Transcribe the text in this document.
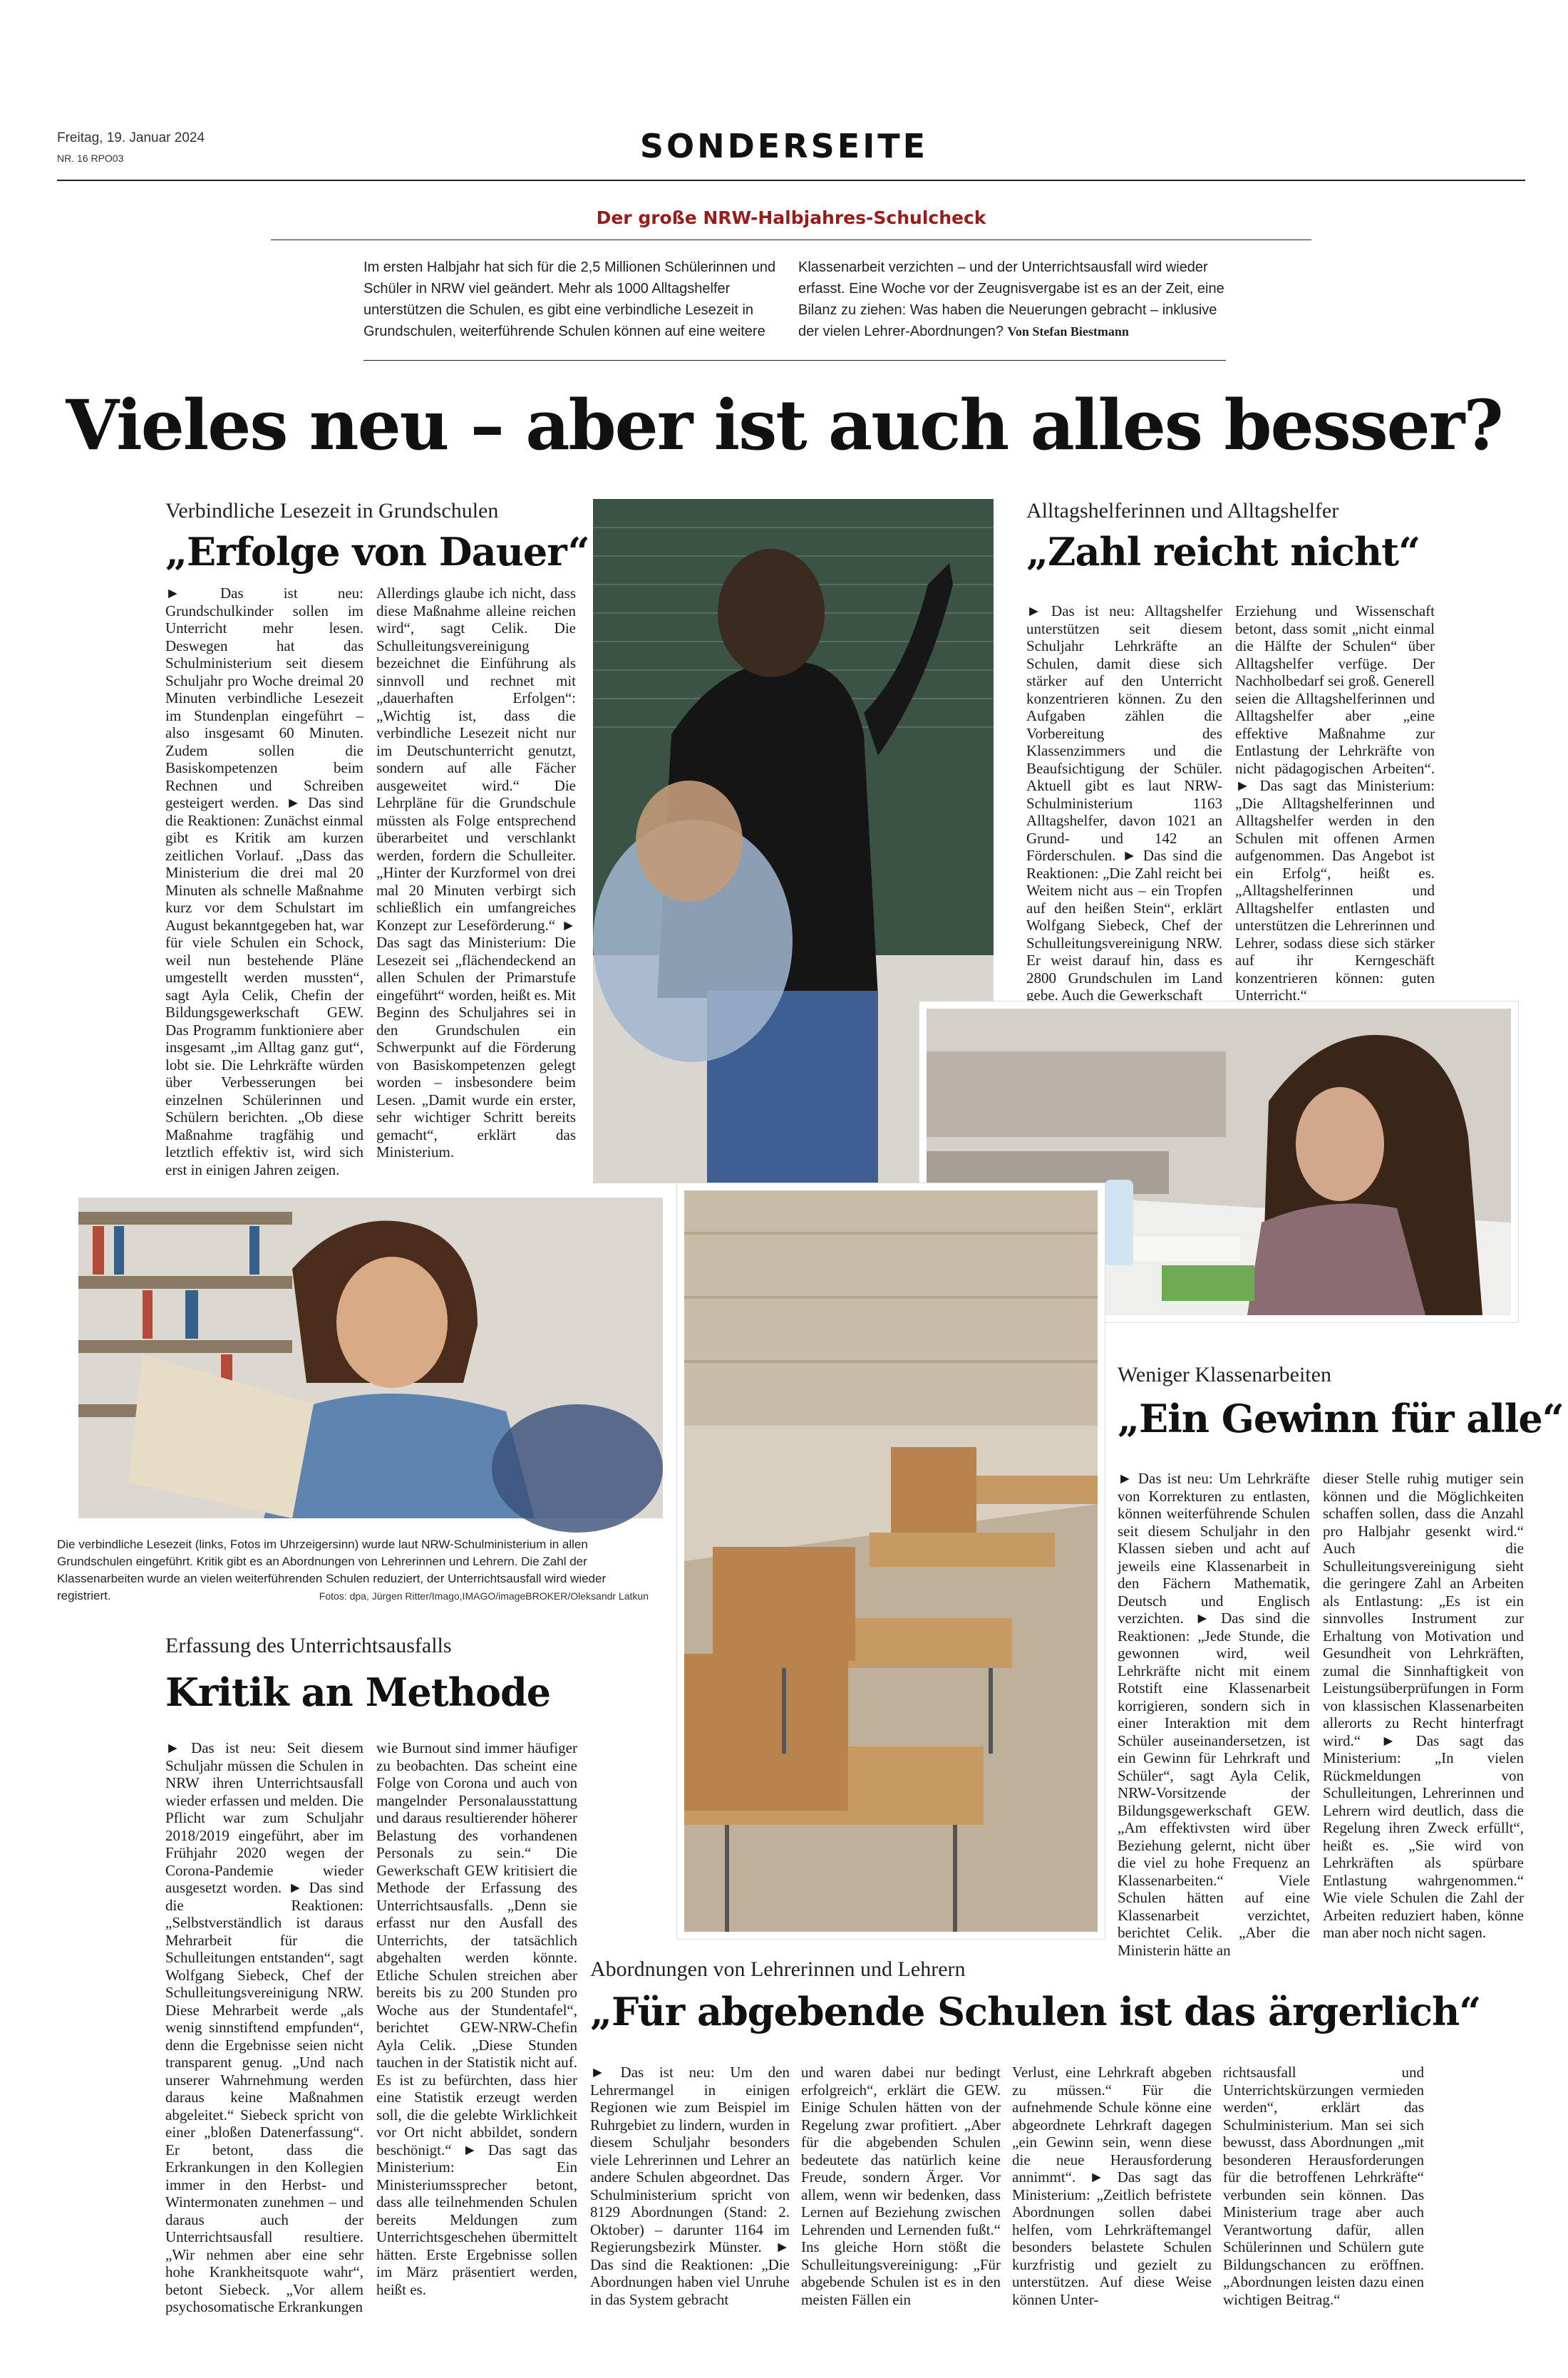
Freitag, 19. Januar 2024
NR. 16 RPO03	SONDERSEITE
Der große NRW-Halbjahres-Schulcheck
Im ersten Halbjahr hat sich für die 2,5 Millionen Schülerinnen und Schüler in NRW viel geändert. Mehr als 1000 Alltagshelfer unterstützen die Schulen, es gibt eine verbindliche Lesezeit in Grundschulen, weiterführende Schulen können auf eine weitere
Klassenarbeit verzichten – und der Unterrichtsausfall wird wieder erfasst. Eine Woche vor der Zeugnisvergabe ist es an der Zeit, eine Bilanz zu ziehen: Was haben die Neuerungen gebracht – inklusive der vielen Lehrer-Abordnungen? Von Stefan Biestmann
Vieles neu – aber ist auch alles besser?
Verbindliche Lesezeit in Grundschulen
„Erfolge von Dauer“
► Das ist neu: Grundschulkinder sollen im Unterricht mehr lesen. Deswegen hat das Schulministerium seit diesem Schuljahr pro Woche dreimal 20 Minuten verbindliche Lesezeit im Stundenplan eingeführt – also insgesamt 60 Minuten. Zudem sollen die Basiskompetenzen beim Rechnen und Schreiben gesteigert werden. ► Das sind die Reaktionen: Zunächst einmal gibt es Kritik am kurzen zeitlichen Vorlauf. „Dass das Ministerium die drei mal 20 Minuten als schnelle Maßnahme kurz vor dem Schulstart im August bekanntgegeben hat, war für viele Schulen ein Schock, weil nun bestehende Pläne umgestellt werden mussten“, sagt Ayla Celik, Chefin der Bildungsgewerkschaft GEW. Das Programm funktioniere aber insgesamt „im Alltag ganz gut“, lobt sie. Die Lehrkräfte würden über Verbesserungen bei einzelnen Schülerinnen und Schülern berichten. „Ob diese Maßnahme tragfähig und letztlich effektiv ist, wird sich erst in einigen Jahren zeigen.
Allerdings glaube ich nicht, dass diese Maßnahme alleine reichen wird“, sagt Celik. Die Schulleitungsvereinigung bezeichnet die Einführung als sinnvoll und rechnet mit „dauerhaften Erfolgen“: „Wichtig ist, dass die verbindliche Lesezeit nicht nur im Deutschunterricht genutzt, sondern auf alle Fächer ausgeweitet wird.“ Die Lehrpläne für die Grundschule müssten als Folge entsprechend überarbeitet und verschlankt werden, fordern die Schulleiter. „Hinter der Kurzformel von drei mal 20 Minuten verbirgt sich schließlich ein umfangreiches Konzept zur Leseförderung.“ ► Das sagt das Ministerium: Die Lesezeit sei „flächendeckend an allen Schulen der Primarstufe eingeführt“ worden, heißt es. Mit Beginn des Schuljahres sei in den Grundschulen ein Schwerpunkt auf die Förderung von Basiskompetenzen gelegt worden – insbesondere beim Lesen. „Damit wurde ein erster, sehr wichtiger Schritt bereits gemacht“, erklärt das Ministerium.
Alltagshelferinnen und Alltagshelfer
„Zahl reicht nicht“
► Das ist neu: Alltagshelfer unterstützen seit diesem Schuljahr Lehrkräfte an Schulen, damit diese sich stärker auf den Unterricht konzentrieren können. Zu den Aufgaben zählen die Vorbereitung des Klassenzimmers und die Beaufsichtigung der Schüler. Aktuell gibt es laut NRW-Schulministerium 1163 Alltagshelfer, davon 1021 an Grund- und 142 an Förderschulen. ► Das sind die Reaktionen: „Die Zahl reicht bei Weitem nicht aus – ein Tropfen auf den heißen Stein“, erklärt Wolfgang Siebeck, Chef der Schulleitungsvereinigung NRW. Er weist darauf hin, dass es 2800 Grundschulen im Land gebe. Auch die Gewerkschaft
Erziehung und Wissenschaft betont, dass somit „nicht einmal die Hälfte der Schulen“ über Alltagshelfer verfüge. Der Nachholbedarf sei groß. Generell seien die Alltagshelferinnen und Alltagshelfer aber „eine effektive Maßnahme zur Entlastung der Lehrkräfte von nicht pädagogischen Arbeiten“. ► Das sagt das Ministerium: „Die Alltagshelferinnen und Alltagshelfer werden in den Schulen mit offenen Armen aufgenommen. Das Angebot ist ein Erfolg“, heißt es. „Alltagshelferinnen und Alltagshelfer entlasten und unterstützen die Lehrerinnen und Lehrer, sodass diese sich stärker auf ihr Kerngeschäft konzentrieren können: guten Unterricht.“
Die verbindliche Lesezeit (links, Fotos im Uhrzeigersinn) wurde laut NRW-Schulministerium in allen Grundschulen eingeführt. Kritik gibt es an Abordnungen von Lehrerinnen und Lehrern. Die Zahl der Klassenarbeiten wurde an vielen weiterführenden Schulen reduziert, der Unterrichtsausfall wird wieder registriert.	Fotos: dpa, Jürgen Ritter/Imago,IMAGO/imageBROKER/Oleksandr Latkun
Weniger Klassenarbeiten
„Ein Gewinn für alle“
► Das ist neu: Um Lehrkräfte von Korrekturen zu entlasten, können weiterführende Schulen seit diesem Schuljahr in den Klassen sieben und acht auf jeweils eine Klassenarbeit in den Fächern Mathematik, Deutsch und Englisch verzichten. ► Das sind die Reaktionen: „Jede Stunde, die gewonnen wird, weil Lehrkräfte nicht mit einem Rotstift eine Klassenarbeit korrigieren, sondern sich in einer Interaktion mit dem Schüler auseinandersetzen, ist ein Gewinn für Lehrkraft und Schüler“, sagt Ayla Celik, NRW-Vorsitzende der Bildungsgewerkschaft GEW. „Am effektivsten wird über Beziehung gelernt, nicht über die viel zu hohe Frequenz an Klassenarbeiten.“ Viele Schulen hätten auf eine Klassenarbeit verzichtet, berichtet Celik. „Aber die Ministerin hätte an
dieser Stelle ruhig mutiger sein können und die Möglichkeiten schaffen sollen, dass die Anzahl pro Halbjahr gesenkt wird.“ Auch die Schulleitungsvereinigung sieht die geringere Zahl an Arbeiten als Entlastung: „Es ist ein sinnvolles Instrument zur Erhaltung von Motivation und Gesundheit von Lehrkräften, zumal die Sinnhaftigkeit von Leistungsüberprüfungen in Form von klassischen Klassenarbeiten allerorts zu Recht hinterfragt wird.“ ► Das sagt das Ministerium: „In vielen Rückmeldungen von Schulleitungen, Lehrerinnen und Lehrern wird deutlich, dass die Regelung ihren Zweck erfüllt“, heißt es. „Sie wird von Lehrkräften als spürbare Entlastung wahrgenommen.“ Wie viele Schulen die Zahl der Arbeiten reduziert haben, könne man aber noch nicht sagen.
Erfassung des Unterrichtsausfalls
Kritik an Methode
► Das ist neu: Seit diesem Schuljahr müssen die Schulen in NRW ihren Unterrichtsausfall wieder erfassen und melden. Die Pflicht war zum Schuljahr 2018/2019 eingeführt, aber im Frühjahr 2020 wegen der Corona-Pandemie wieder ausgesetzt worden. ► Das sind die Reaktionen: „Selbstverständlich ist daraus Mehrarbeit für die Schulleitungen entstanden“, sagt Wolfgang Siebeck, Chef der Schulleitungsvereinigung NRW. Diese Mehrarbeit werde „als wenig sinnstiftend empfunden“, denn die Ergebnisse seien nicht transparent genug. „Und nach unserer Wahrnehmung werden daraus keine Maßnahmen abgeleitet.“ Siebeck spricht von einer „bloßen Datenerfassung“. Er betont, dass die Erkrankungen in den Kollegien immer in den Herbst- und Wintermonaten zunehmen – und daraus auch der Unterrichtsausfall resultiere. „Wir nehmen aber eine sehr hohe Krankheitsquote wahr“, betont Siebeck. „Vor allem psychosomatische Erkrankungen
wie Burnout sind immer häufiger zu beobachten. Das scheint eine Folge von Corona und auch von mangelnder Personalausstattung und daraus resultierender höherer Belastung des vorhandenen Personals zu sein.“ Die Gewerkschaft GEW kritisiert die Methode der Erfassung des Unterrichtsausfalls. „Denn sie erfasst nur den Ausfall des Unterrichts, der tatsächlich abgehalten werden könnte. Etliche Schulen streichen aber bereits bis zu 200 Stunden pro Woche aus der Stundentafel“, berichtet GEW-NRW-Chefin Ayla Celik. „Diese Stunden tauchen in der Statistik nicht auf. Es ist zu befürchten, dass hier eine Statistik erzeugt werden soll, die die gelebte Wirklichkeit vor Ort nicht abbildet, sondern beschönigt.“ ► Das sagt das Ministerium: Ein Ministeriumssprecher betont, dass alle teilnehmenden Schulen bereits Meldungen zum Unterrichtsgeschehen übermittelt hätten. Erste Ergebnisse sollen im März präsentiert werden, heißt es.
Abordnungen von Lehrerinnen und Lehrern
„Für abgebende Schulen ist das ärgerlich“
► Das ist neu: Um den Lehrermangel in einigen Regionen wie zum Beispiel im Ruhrgebiet zu lindern, wurden in diesem Schuljahr besonders viele Lehrerinnen und Lehrer an andere Schulen abgeordnet. Das Schulministerium spricht von 8129 Abordnungen (Stand: 2. Oktober) – darunter 1164 im Regierungsbezirk Münster. ► Das sind die Reaktionen: „Die Abordnungen haben viel Unruhe in das System gebracht
und waren dabei nur bedingt erfolgreich“, erklärt die GEW. Einige Schulen hätten von der Regelung zwar profitiert. „Aber für die abgebenden Schulen bedeutete das natürlich keine Freude, sondern Ärger. Vor allem, wenn wir bedenken, dass Lernen auf Beziehung zwischen Lehrenden und Lernenden fußt.“ Ins gleiche Horn stößt die Schulleitungsvereinigung: „Für abgebende Schulen ist es in den meisten Fällen ein
Verlust, eine Lehrkraft abgeben zu müssen.“ Für die aufnehmende Schule könne eine abgeordnete Lehrkraft dagegen „ein Gewinn sein, wenn diese die neue Herausforderung annimmt“. ► Das sagt das Ministerium: „Zeitlich befristete Abordnungen sollen dabei helfen, vom Lehrkräftemangel besonders belastete Schulen kurzfristig und gezielt zu unterstützen. Auf diese Weise können Unter-
richtsausfall und Unterrichtskürzungen vermieden werden“, erklärt das Schulministerium. Man sei sich bewusst, dass Abordnungen „mit besonderen Herausforderungen für die betroffenen Lehrkräfte“ verbunden sein können. Das Ministerium trage aber auch Verantwortung dafür, allen Schülerinnen und Schülern gute Bildungschancen zu eröffnen. „Abordnungen leisten dazu einen wichtigen Beitrag.“
